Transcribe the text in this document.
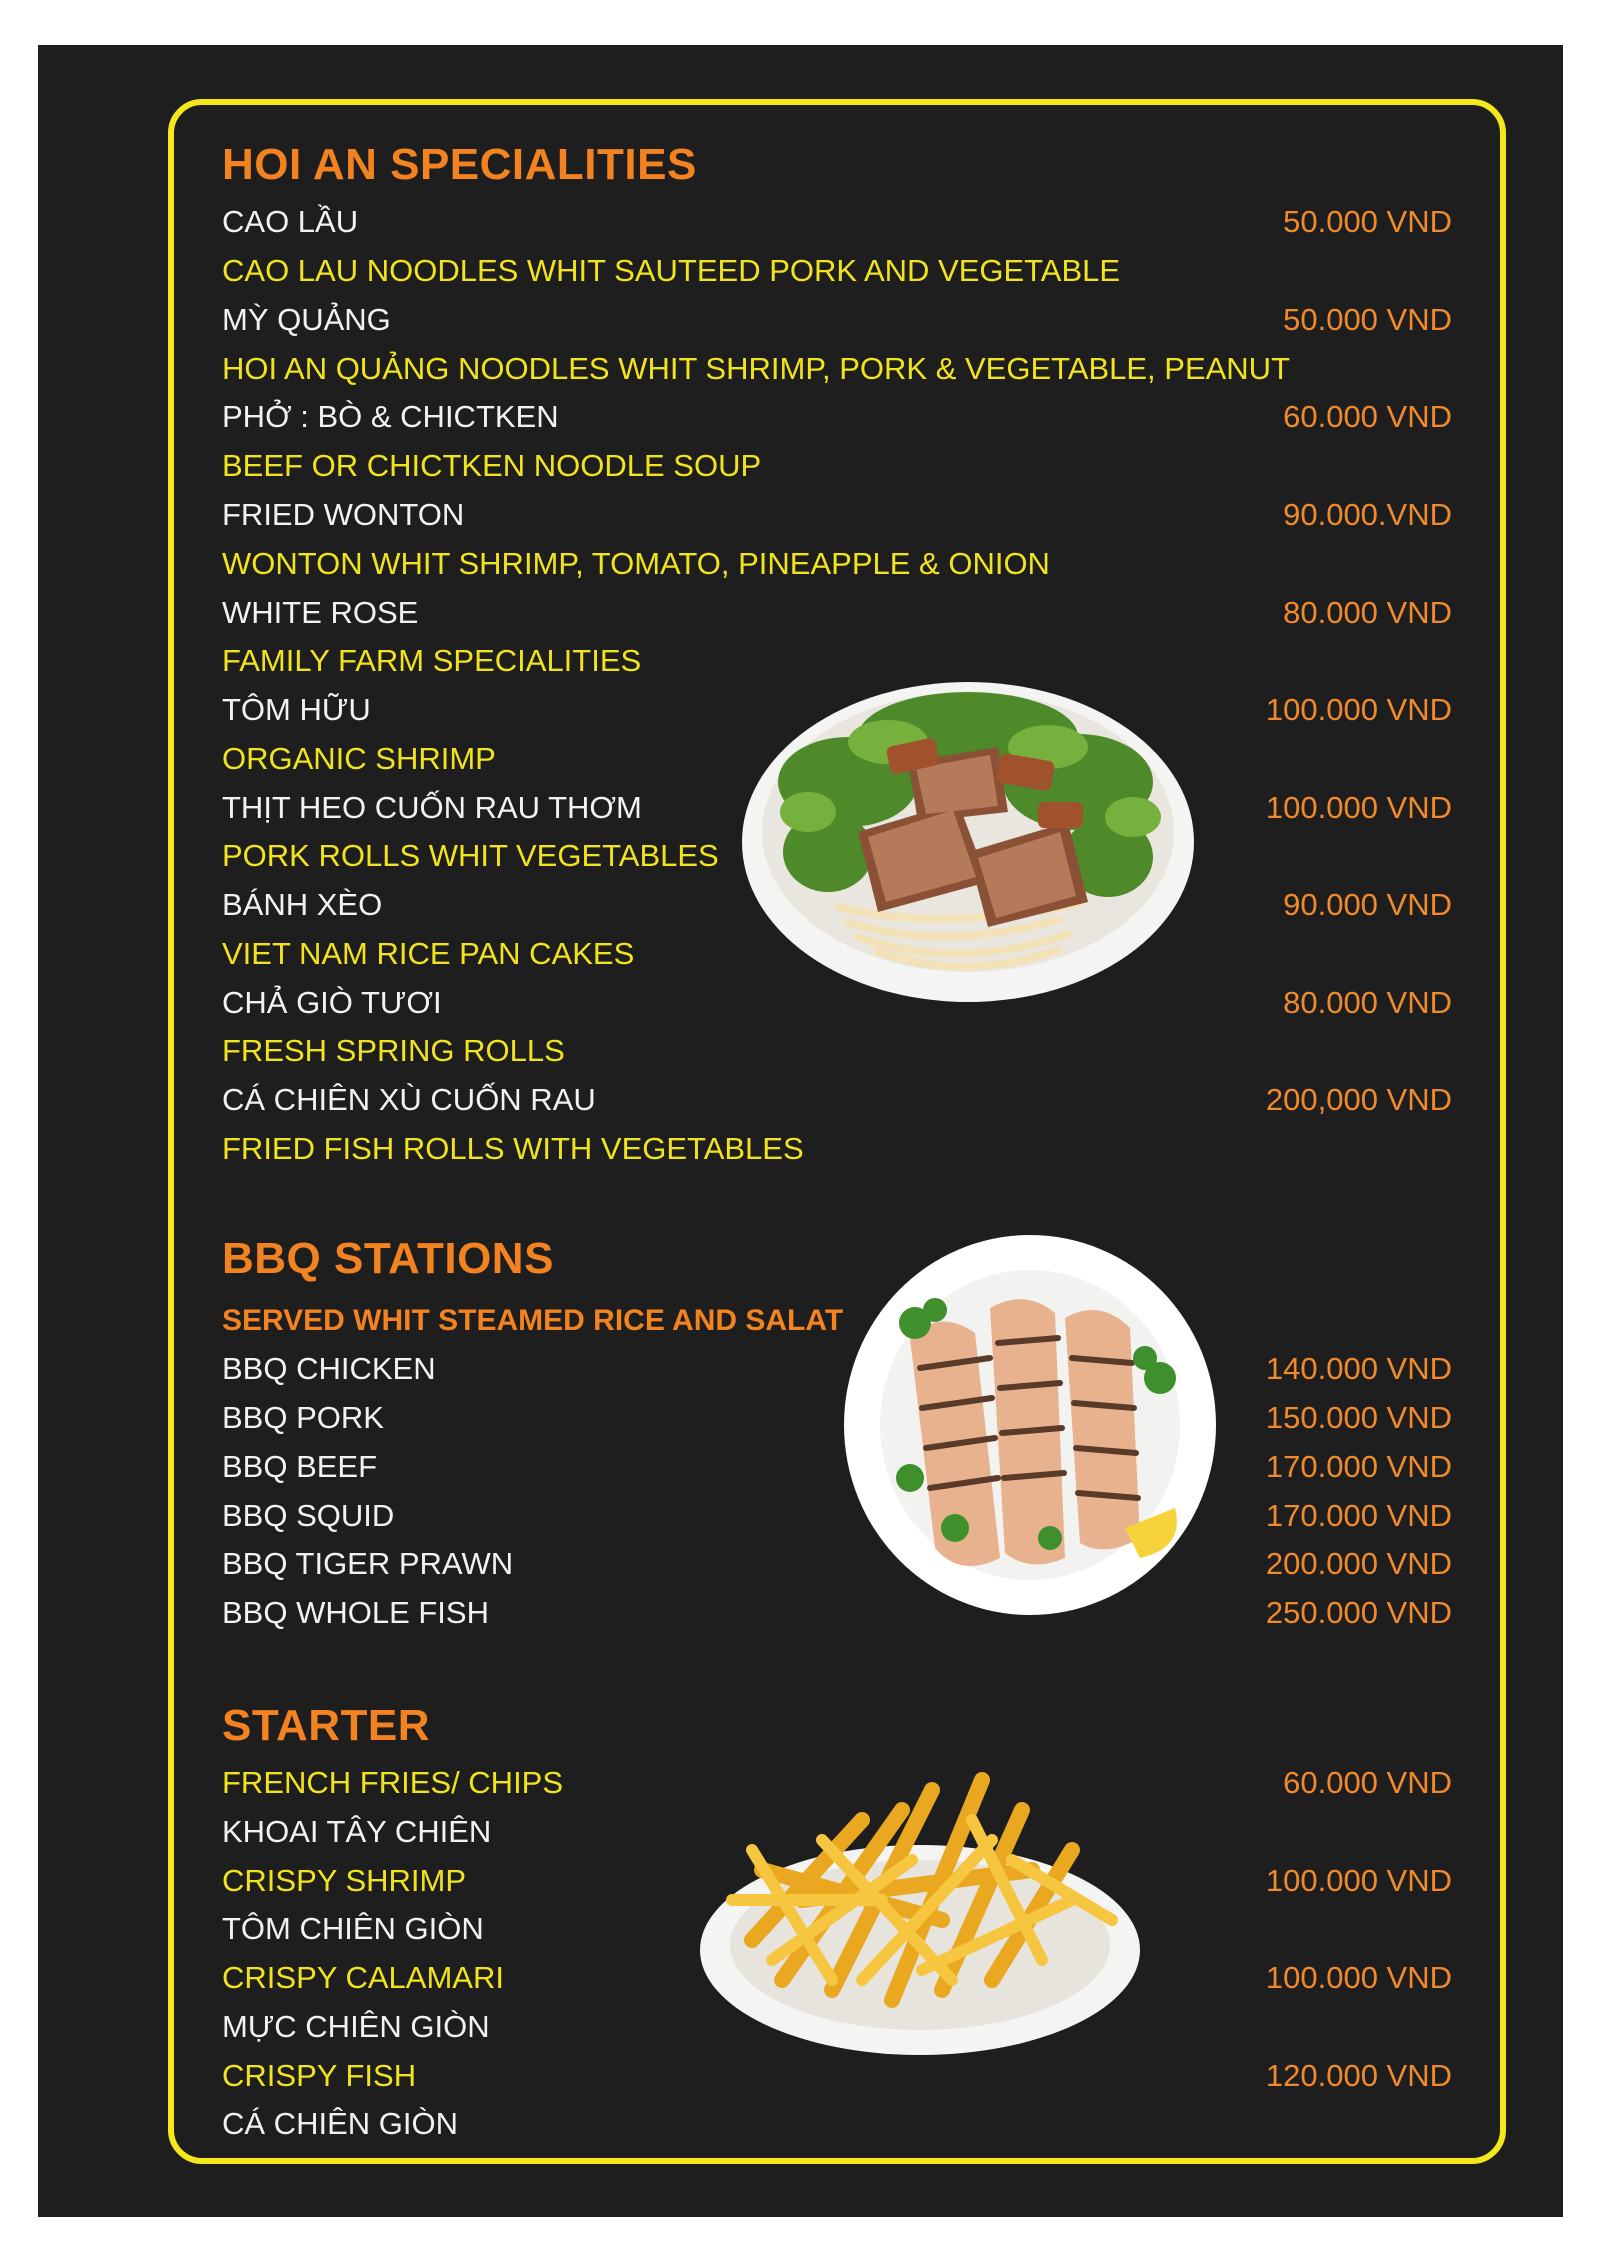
HOI AN SPECIALITIES
CAO LẦU	50.000 VND
CAO LAU NOODLES WHIT SAUTEED PORK AND VEGETABLE
MỲ QUẢNG	50.000 VND
HOI AN QUẢNG NOODLES WHIT SHRIMP, PORK & VEGETABLE, PEANUT
PHỞ : BÒ & CHICTKEN	60.000 VND
BEEF OR CHICTKEN NOODLE SOUP
FRIED WONTON	90.000.VND
WONTON WHIT SHRIMP, TOMATO, PINEAPPLE & ONION
WHITE ROSE	80.000 VND
FAMILY FARM SPECIALITIES
TÔM HỮU	100.000 VND
ORGANIC SHRIMP
THỊT HEO CUỐN RAU THƠM	100.000 VND
PORK ROLLS WHIT VEGETABLES
BÁNH XÈO	90.000 VND
VIET NAM RICE PAN CAKES
CHẢ GIÒ TƯƠI	80.000 VND
FRESH SPRING ROLLS
CÁ CHIÊN XÙ CUỐN RAU	200,000 VND
FRIED FISH ROLLS WITH VEGETABLES
BBQ STATIONS
SERVED WHIT STEAMED RICE AND SALAT
BBQ CHICKEN	140.000 VND
BBQ PORK	150.000 VND
BBQ BEEF	170.000 VND
BBQ SQUID	170.000 VND
BBQ TIGER PRAWN	200.000 VND
BBQ WHOLE FISH	250.000 VND
STARTER
FRENCH FRIES/ CHIPS	60.000 VND
KHOAI TÂY CHIÊN
CRISPY SHRIMP	100.000 VND
TÔM CHIÊN GIÒN
CRISPY CALAMARI	100.000 VND
MỰC CHIÊN GIÒN
CRISPY FISH	120.000 VND
CÁ CHIÊN GIÒN
